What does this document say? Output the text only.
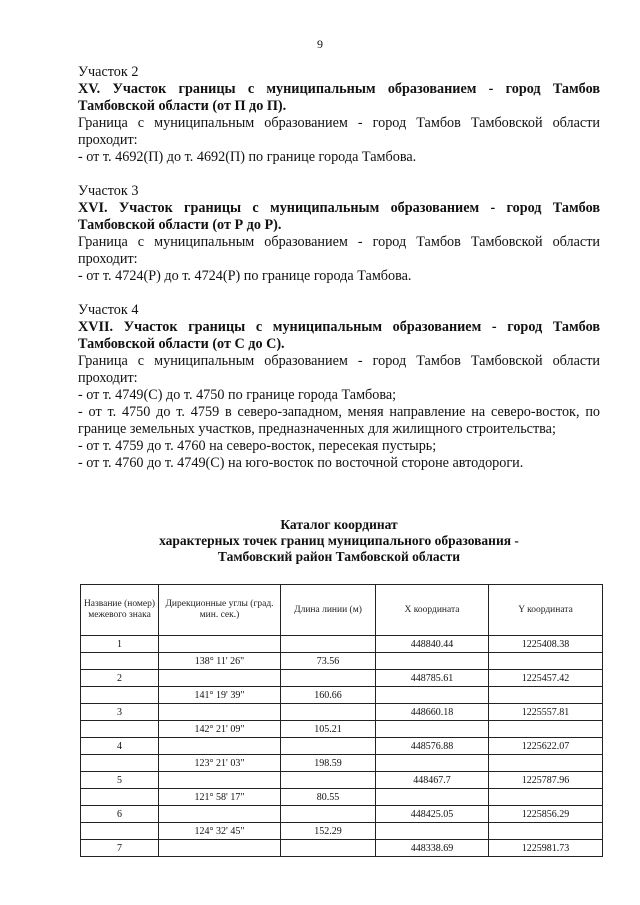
9

Участок 2

XV. Участок границы с муниципальным образованием - город Тамбов Тамбовской области (от П до П).

Граница с муниципальным образованием - город Тамбов Тамбовской области проходит:

- от т. 4692(П) до т. 4692(П) по границе города Тамбова.

Участок 3

XVI. Участок границы с муниципальным образованием - город Тамбов Тамбовской области (от Р до Р).

Граница с муниципальным образованием - город Тамбов Тамбовской области проходит:

- от т. 4724(Р) до т. 4724(Р) по границе города Тамбова.

Участок 4

XVII. Участок границы с муниципальным образованием - город Тамбов Тамбовской области (от С до С).

Граница с муниципальным образованием - город Тамбов Тамбовской области проходит:

- от т. 4749(С) до т. 4750 по границе города Тамбова;

- от т. 4750 до т. 4759 в северо-западном, меняя направление на северо-восток, по границе земельных участков, предназначенных для жилищного строительства;

- от т. 4759 до т. 4760 на северо-восток, пересекая пустырь;

- от т. 4760 до т. 4749(С) на юго-восток по восточной стороне автодороги.

Каталог координат
характерных точек границ муниципального образования -
Тамбовский район Тамбовской области
Название (номер) межевого знака	Дирекционные углы (град. мин. сек.)	Длина линии (м)	X координата	Y координата
1			448840.44	1225408.38
	138° 11' 26"	73.56		
2			448785.61	1225457.42
	141° 19' 39"	160.66		
3			448660.18	1225557.81
	142° 21' 09"	105.21		
4			448576.88	1225622.07
	123° 21' 03"	198.59		
5			448467.7	1225787.96
	121° 58' 17"	80.55		
6			448425.05	1225856.29
	124° 32' 45"	152.29		
7			448338.69	1225981.73
